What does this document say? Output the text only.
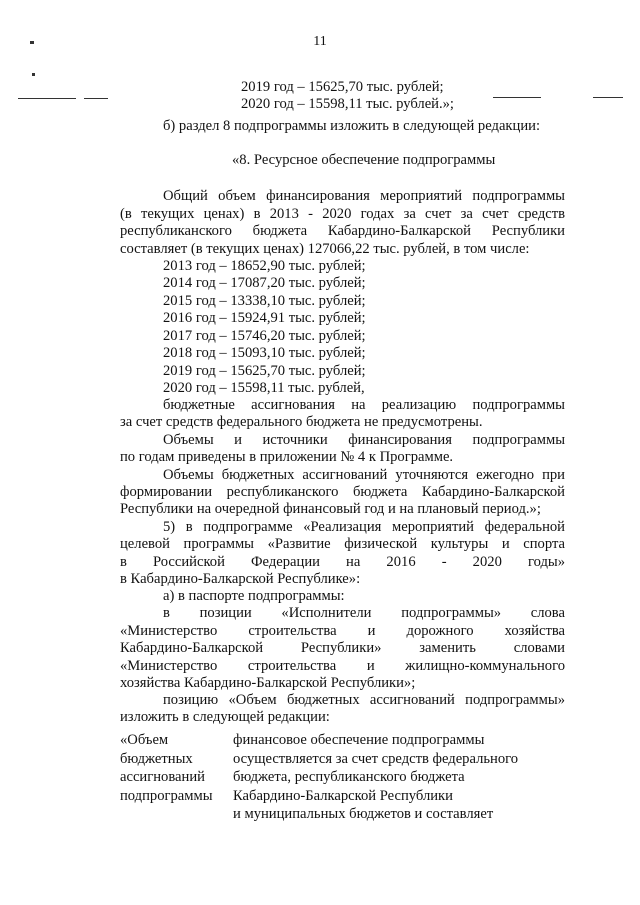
11
2019 год – 15625,70 тыс. рублей;
2020 год – 15598,11 тыс. рублей.»;
б) раздел 8 подпрограммы изложить в следующей редакции:
«8. Ресурсное обеспечение подпрограммы
Общий объем финансирования мероприятий подпрограммы
(в текущих ценах) в 2013 - 2020 годах за счет за счет средств
республиканского бюджета Кабардино-Балкарской Республики
составляет (в текущих ценах) 127066,22 тыс. рублей, в том числе:
2013 год – 18652,90 тыс. рублей;
2014 год – 17087,20 тыс. рублей;
2015 год – 13338,10 тыс. рублей;
2016 год – 15924,91 тыс. рублей;
2017 год – 15746,20 тыс. рублей;
2018 год – 15093,10 тыс. рублей;
2019 год – 15625,70 тыс. рублей;
2020 год – 15598,11 тыс. рублей,
бюджетные ассигнования на реализацию подпрограммы
за счет средств федерального бюджета не предусмотрены.
Объемы и источники финансирования подпрограммы
по годам приведены в приложении № 4 к Программе.
Объемы бюджетных ассигнований уточняются ежегодно при
формировании республиканского бюджета Кабардино-Балкарской
Республики на очередной финансовый год и на плановый период.»;
5) в подпрограмме «Реализация мероприятий федеральной
целевой программы «Развитие физической культуры и спорта
в Российской Федерации на 2016 - 2020 годы»
в Кабардино-Балкарской Республике»:
а) в паспорте подпрограммы:
в позиции «Исполнители подпрограммы» слова
«Министерство строительства и дорожного хозяйства
Кабардино-Балкарской Республики» заменить словами
«Министерство строительства и жилищно-коммунального
хозяйства Кабардино-Балкарской Республики»;
позицию «Объем бюджетных ассигнований подпрограммы»
изложить в следующей редакции:
«Объем
бюджетных
ассигнований
подпрограммы
финансовое обеспечение подпрограммы
осуществляется за счет средств федерального
бюджета, республиканского бюджета
Кабардино-Балкарской Республики
и муниципальных бюджетов и составляет
